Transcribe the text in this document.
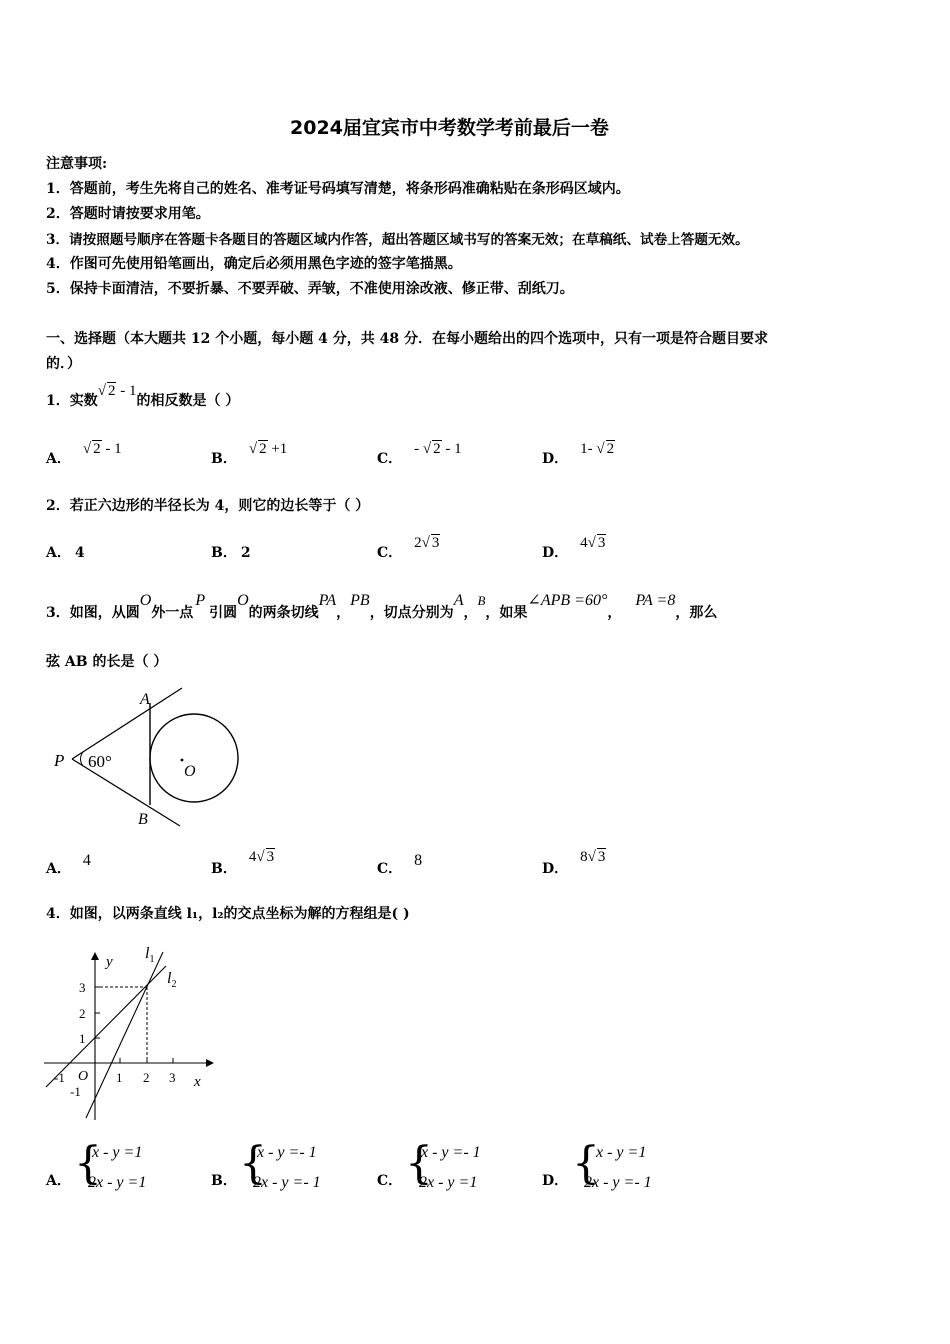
2024届宜宾市中考数学考前最后一卷
注意事项:
1．答题前，考生先将自己的姓名、准考证号码填写清楚，将条形码准确粘贴在条形码区域内。
2．答题时请按要求用笔。
3．请按照题号顺序在答题卡各题目的答题区域内作答，超出答题区域书写的答案无效；在草稿纸、试卷上答题无效。
4．作图可先使用铅笔画出，确定后必须用黑色字迹的签字笔描黑。
5．保持卡面清洁，不要折暴、不要弄破、弄皱，不准使用涂改液、修正带、刮纸刀。
一、选择题（本大题共 12 个小题，每小题 4 分，共 48 分．在每小题给出的四个选项中，只有一项是符合题目要求
的．）
1．实数√ 2 - 1的相反数是（ ）
A．√ 2 - 1
B．√ 2 +1
C．- √ 2 - 1
D．1- √ 2
2．若正六边形的半径长为 4，则它的边长等于（ ）
A． 4	B． 2	C．2√ 3
D．4√ 3
3．如图，从圆O外一点P引圆O的两条切线PA，PB，切点分别为A，B，如果∠APB =60°，PA =8，那么
弦 AB 的长是（ ）
P 60°
A
B
O
A． 4	B．4√ 3
C． 8	D．8√ 3
4．如图，以两条直线 l₁，l₂的交点坐标为解的方程组是( )
y
x
$l_1$
$l_2$
3
2
1
-1
-1	1 2 3
O
A． {
x - y =1
2x - y =1	B． {
x - y =- 1
2x - y =- 1	C． {
x - y =- 1
2x - y =1	D． {
x - y =1
2x - y =- 1
